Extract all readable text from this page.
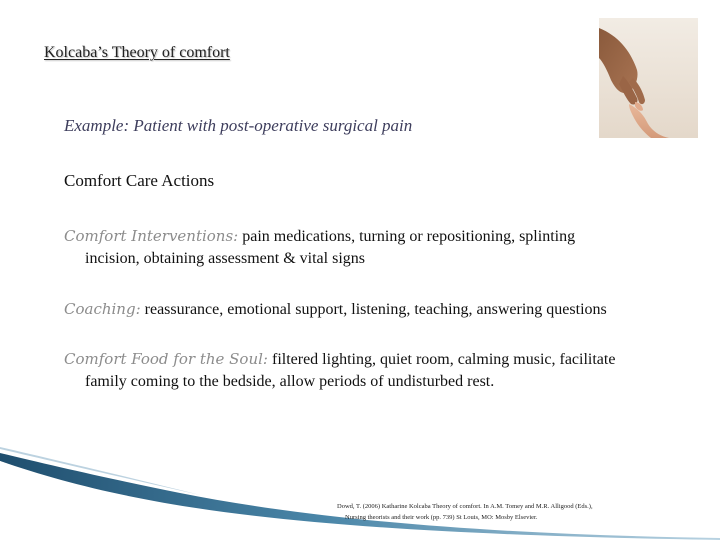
Kolcaba’s Theory of comfort
Example: Patient with post-operative surgical pain
Comfort Care Actions
Comfort Interventions: pain medications, turning or repositioning, splinting
incision, obtaining assessment & vital signs
Coaching: reassurance, emotional support, listening, teaching, answering questions
Comfort Food for the Soul: filtered lighting, quiet room, calming music, facilitate
family coming to the bedside, allow periods of undisturbed rest.
Dowd, T. (2006) Katharine Kolcaba Theory of comfort. In A.M. Tomey and M.R. Alligood (Eds.),
Nursing theorists and their work (pp. 739) St Louis, MO: Mosby Elsevier.
